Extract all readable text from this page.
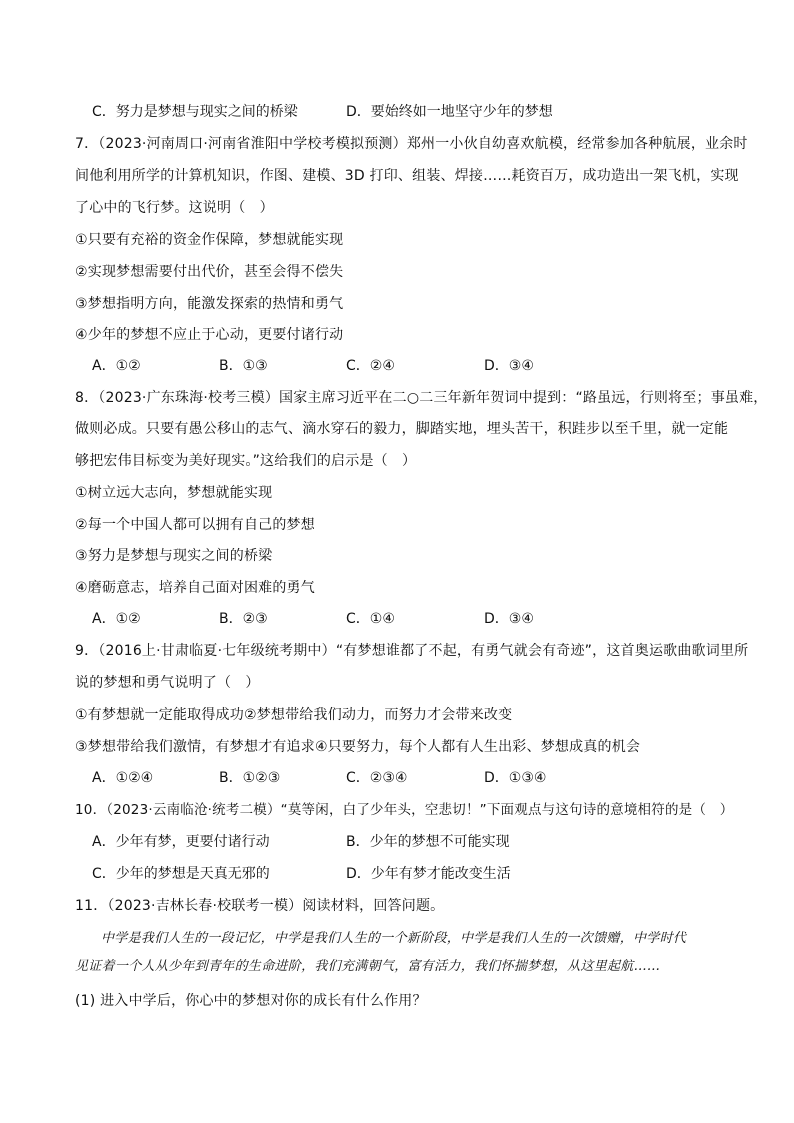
C．努力是梦想与现实之间的桥梁	D．要始终如一地坚守少年的梦想
7．（2023·河南周口·河南省淮阳中学校考模拟预测）郑州一小伙自幼喜欢航模，经常参加各种航展，业余时
间他利用所学的计算机知识，作图、建模、3D 打印、组装、焊接……耗资百万，成功造出一架飞机，实现
了心中的飞行梦。这说明（　）
①只要有充裕的资金作保障，梦想就能实现
②实现梦想需要付出代价，甚至会得不偿失
③梦想指明方向，能激发探索的热情和勇气
④少年的梦想不应止于心动，更要付诸行动
A．①②	B．①③	C．②④	D．③④
8．（2023·广东珠海·校考三模）国家主席习近平在二○二三年新年贺词中提到：“路虽远，行则将至；事虽难，
做则必成。只要有愚公移山的志气、滴水穿石的毅力，脚踏实地，埋头苦干，积跬步以至千里，就一定能
够把宏伟目标变为美好现实。”这给我们的启示是（　）
①树立远大志向，梦想就能实现
②每一个中国人都可以拥有自己的梦想
③努力是梦想与现实之间的桥梁
④磨砺意志，培养自己面对困难的勇气
A．①②	B．②③	C．①④	D．③④
9．（2016上·甘肃临夏·七年级统考期中）“有梦想谁都了不起，有勇气就会有奇迹”，这首奥运歌曲歌词里所
说的梦想和勇气说明了（　）
①有梦想就一定能取得成功②梦想带给我们动力，而努力才会带来改变
③梦想带给我们激情，有梦想才有追求④只要努力，每个人都有人生出彩、梦想成真的机会
A．①②④	B．①②③	C．②③④	D．①③④
10．（2023·云南临沧·统考二模）“莫等闲，白了少年头，空悲切！”下面观点与这句诗的意境相符的是（　）
A．少年有梦，更要付诸行动	B．少年的梦想不可能实现
C．少年的梦想是天真无邪的	D．少年有梦才能改变生活
11．（2023·吉林长春·校联考一模）阅读材料，回答问题。
中学是我们人生的一段记忆，中学是我们人生的一个新阶段，中学是我们人生的一次馈赠，中学时代
见证着一个人从少年到青年的生命进阶，我们充满朝气，富有活力，我们怀揣梦想，从这里起航……
(1) 进入中学后，你心中的梦想对你的成长有什么作用？
